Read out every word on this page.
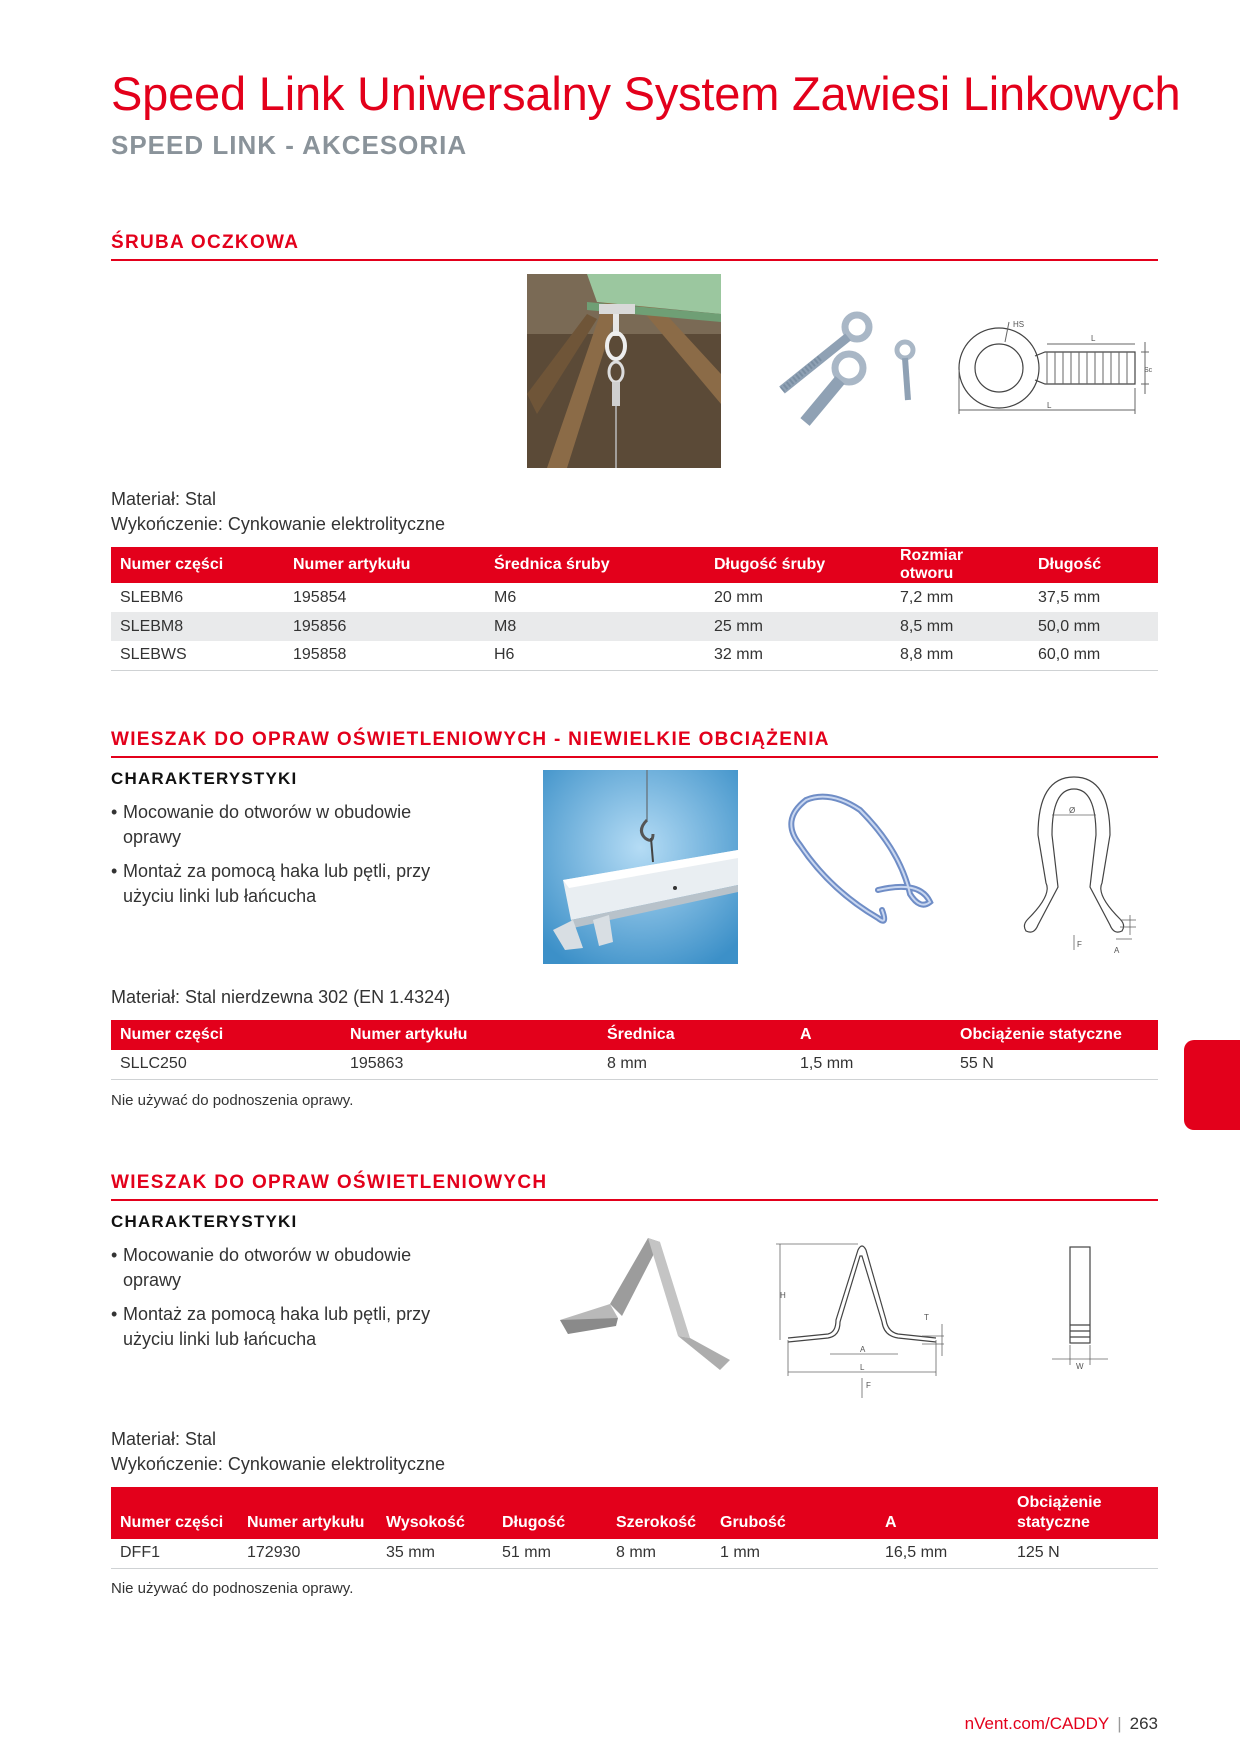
Speed Link Uniwersalny System Zawiesi Linkowych
SPEED LINK - AKCESORIA
ŚRUBA OCZKOWA
HS
L
Sc
L
Materiał: Stal
Wykończenie: Cynkowanie elektrolityczne
Numer części	Numer artykułu	Średnica śruby	Długość śruby	Rozmiar otworu	Długość
SLEBM6	195854	M6	20 mm	7,2 mm	37,5 mm
SLEBM8	195856	M8	25 mm	8,5 mm	50,0 mm
SLEBWS	195858	H6	32 mm	8,8 mm	60,0 mm
WIESZAK DO OPRAW OŚWIETLENIOWYCH - NIEWIELKIE OBCIĄŻENIA
CHARAKTERYSTYKI
• Mocowanie do otworów w obudowie oprawy
• Montaż za pomocą haka lub pętli, przy użyciu linki lub łańcucha
Ø
F
A
Materiał: Stal nierdzewna 302 (EN 1.4324)
Numer części	Numer artykułu	Średnica	A	Obciążenie statyczne
SLLC250	195863	8 mm	1,5 mm	55 N
Nie używać do podnoszenia oprawy.
WIESZAK DO OPRAW OŚWIETLENIOWYCH
CHARAKTERYSTYKI
• Mocowanie do otworów w obudowie oprawy
• Montaż za pomocą haka lub pętli, przy użyciu linki lub łańcucha
H
T
A
L
F
W
Materiał: Stal
Wykończenie: Cynkowanie elektrolityczne
Numer części	Numer artykułu	Wysokość	Długość	Szerokość	Grubość	A	Obciążenie statyczne
DFF1	172930	35 mm	51 mm	8 mm	1 mm	16,5 mm	125 N
Nie używać do podnoszenia oprawy.
nVent.com/CADDY | 263
